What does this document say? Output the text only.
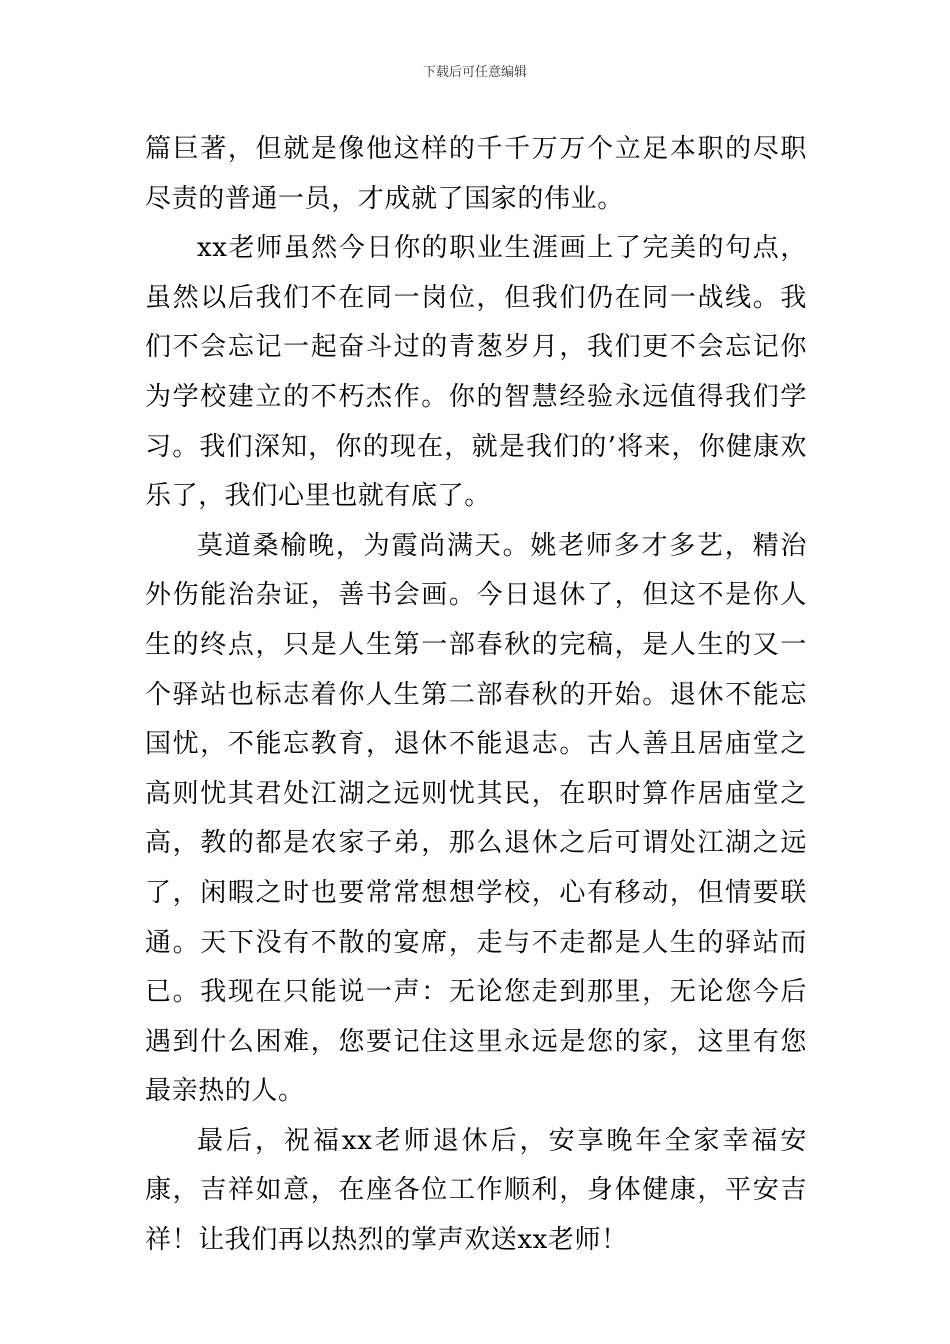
下载后可任意编辑

篇巨著，但就是像他这样的千千万万个立足本职的尽职尽责的普通一员，才成就了国家的伟业。

xx老师虽然今日你的职业生涯画上了完美的句点，虽然以后我们不在同一岗位，但我们仍在同一战线。我们不会忘记一起奋斗过的青葱岁月，我们更不会忘记你为学校建立的不朽杰作。你的智慧经验永远值得我们学习。我们深知，你的现在，就是我们的’将来，你健康欢乐了，我们心里也就有底了。

莫道桑榆晚，为霞尚满天。姚老师多才多艺，精治外伤能治杂证，善书会画。今日退休了，但这不是你人生的终点，只是人生第一部春秋的完稿，是人生的又一个驿站也标志着你人生第二部春秋的开始。退休不能忘国忧，不能忘教育，退休不能退志。古人善且居庙堂之高则忧其君处江湖之远则忧其民，在职时算作居庙堂之高，教的都是农家子弟，那么退休之后可谓处江湖之远了，闲暇之时也要常常想想学校，心有移动，但情要联通。天下没有不散的宴席，走与不走都是人生的驿站而已。我现在只能说一声：无论您走到那里，无论您今后遇到什么困难，您要记住这里永远是您的家，这里有您最亲热的人。

最后，祝福xx老师退休后，安享晚年全家幸福安康，吉祥如意，在座各位工作顺利，身体健康，平安吉祥！让我们再以热烈的掌声欢送xx老师！
